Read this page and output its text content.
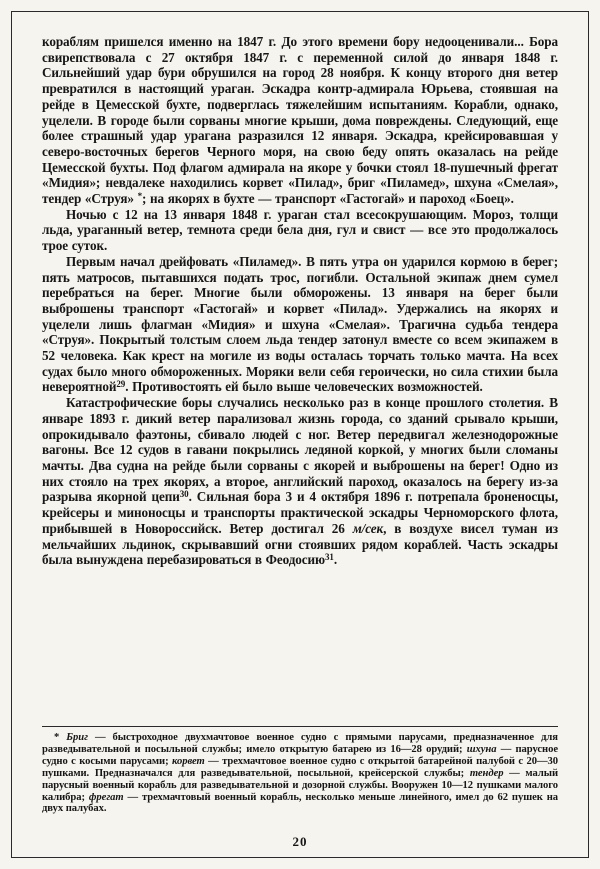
кораблям пришелся именно на 1847 г. До этого времени бору недооценивали... Бора свирепствовала с 27 октября 1847 г. с переменной силой до января 1848 г. Сильнейший удар бури обрушился на город 28 ноября. К концу второго дня ветер превратился в настоящий ураган. Эскадра контр-адмирала Юрьева, стоявшая на рейде в Цемесской бухте, подверглась тяжелейшим испытаниям. Корабли, однако, уцелели. В городе были сорваны многие крыши, дома повреждены. Следующий, еще более страшный удар урагана разразился 12 января. Эскадра, крейсировавшая у северо-восточных берегов Черного моря, на свою беду опять оказалась на рейде Цемесской бухты. Под флагом адмирала на якоре у бочки стоял 18-пушечный фрегат «Мидия»; невдалеке находились корвет «Пилад», бриг «Пиламед», шхуна «Смелая», тендер «Струя» *; на якорях в бухте — транспорт «Гастогай» и пароход «Боец».

Ночью с 12 на 13 января 1848 г. ураган стал всесокрушающим. Мороз, толщи льда, ураганный ветер, темнота среди бела дня, гул и свист — все это продолжалось трое суток.

Первым начал дрейфовать «Пиламед». В пять утра он ударился кормою в берег; пять матросов, пытавшихся подать трос, погибли. Остальной экипаж днем сумел перебраться на берег. Многие были обморожены. 13 января на берег были выброшены транспорт «Гастогай» и корвет «Пилад». Удержались на якорях и уцелели лишь флагман «Мидия» и шхуна «Смелая». Трагична судьба тендера «Струя». Покрытый толстым слоем льда тендер затонул вместе со всем экипажем в 52 человека. Как крест на могиле из воды осталась торчать только мачта. На всех судах было много обмороженных. Моряки вели себя героически, но сила стихии была невероятной$^{29}$. Противостоять ей было выше человеческих возможностей.

Катастрофические боры случались несколько раз в конце прошлого столетия. В январе 1893 г. дикий ветер парализовал жизнь города, со зданий срывало крыши, опрокидывало фаэтоны, сбивало людей с ног. Ветер передвигал железнодорожные вагоны. Все 12 судов в гавани покрылись ледяной коркой, у многих были сломаны мачты. Два судна на рейде были сорваны с якорей и выброшены на берег! Одно из них стояло на трех якорях, а второе, английский пароход, оказалось на берегу из-за разрыва якорной цепи$^{30}$. Сильная бора 3 и 4 октября 1896 г. потрепала броненосцы, крейсеры и миноносцы и транспорты практической эскадры Черноморского флота, прибывшей в Новороссийск. Ветер достигал 26 м/сек, в воздухе висел туман из мельчайших льдинок, скрывавший огни стоявших рядом кораблей. Часть эскадры была вынуждена перебазироваться в Феодосию$^{31}$.

* Бриг — быстроходное двухмачтовое военное судно с прямыми парусами, предназначенное для разведывательной и посыльной службы; имело открытую батарею из 16—28 орудий; шхуна — парусное судно с косыми парусами; корвет — трехмачтовое военное судно с открытой батарейной палубой с 20—30 пушками. Предназначался для разведывательной, посыльной, крейсерской службы; тендер — малый парусный военный корабль для разведывательной и дозорной службы. Вооружен 10—12 пушками малого калибра; фрегат — трехмачтовый военный корабль, несколько меньше линейного, имел до 62 пушек на двух палубах.

20
